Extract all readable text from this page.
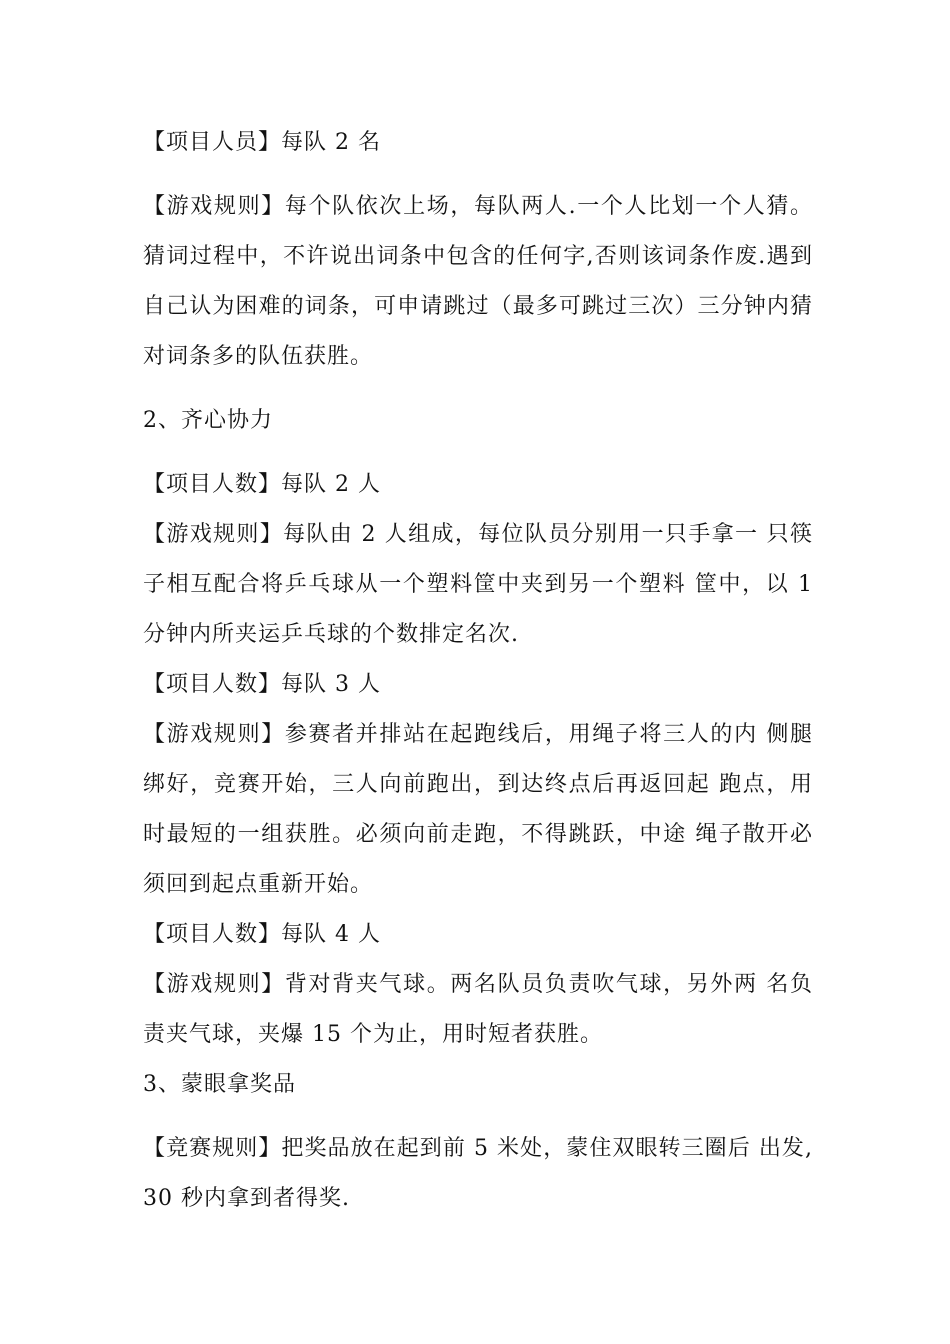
【项目人员】每队 2 名

【游戏规则】每个队依次上场，每队两人.一个人比划一个人猜。猜词过程中，不许说出词条中包含的任何字,否则该词条作废.遇到自己认为困难的词条，可申请跳过（最多可跳过三次）三分钟内猜对词条多的队伍获胜。

2、齐心协力

【项目人数】每队 2 人

【游戏规则】每队由 2 人组成，每位队员分别用一只手拿一 只筷子相互配合将乒乓球从一个塑料筐中夹到另一个塑料 筐中，以 1 分钟内所夹运乒乓球的个数排定名次.

【项目人数】每队 3 人

【游戏规则】参赛者并排站在起跑线后，用绳子将三人的内 侧腿绑好，竞赛开始，三人向前跑出，到达终点后再返回起 跑点，用时最短的一组获胜。必须向前走跑，不得跳跃，中途 绳子散开必须回到起点重新开始。

【项目人数】每队 4 人

【游戏规则】背对背夹气球。两名队员负责吹气球，另外两 名负责夹气球，夹爆 15 个为止，用时短者获胜。

3、蒙眼拿奖品

【竞赛规则】把奖品放在起到前 5 米处，蒙住双眼转三圈后 出发,30 秒内拿到者得奖.
